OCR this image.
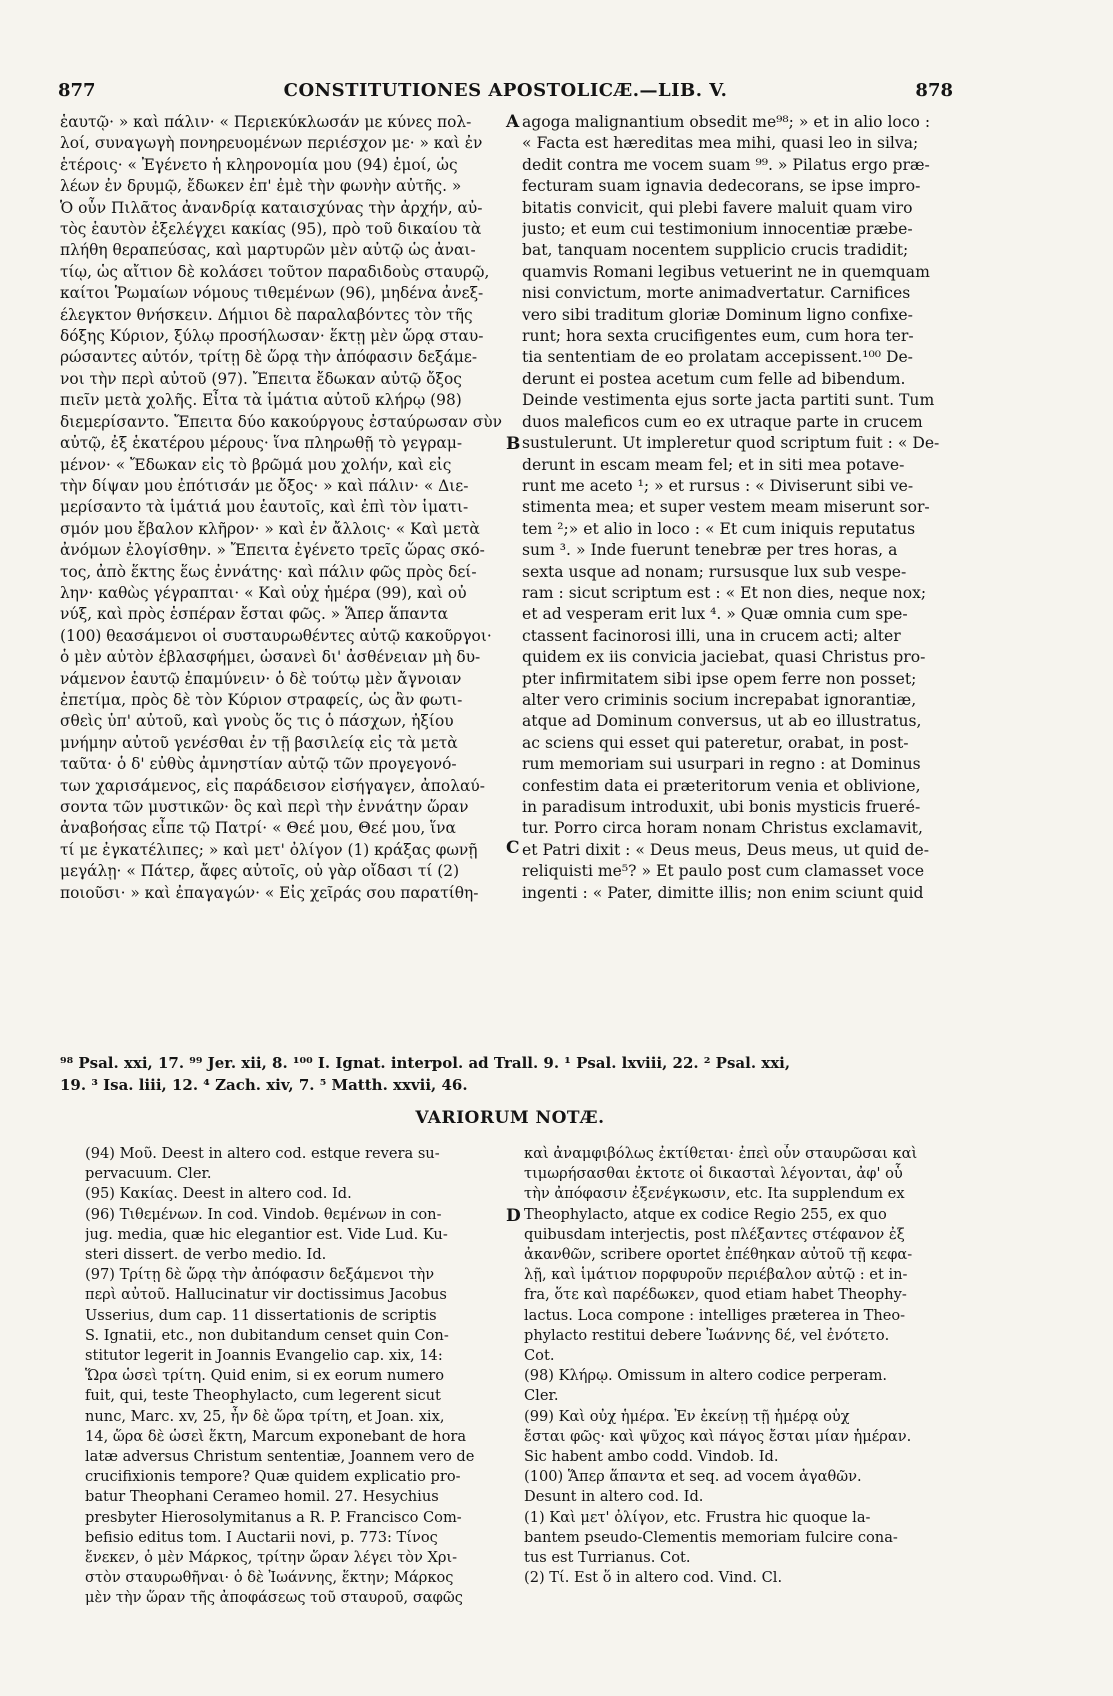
877	CONSTITUTIONES APOSTOLICÆ.—LIB. V.	878

ἑαυτῷ· » καὶ πάλιν· « Περιεκύκλωσάν με κύνες πολ-

λοί, συναγωγὴ πονηρευομένων περιέσχον με· » καὶ ἐν

ἑτέροις· « Ἐγένετο ἡ κληρονομία μου (94) ἐμοί, ὡς

λέων ἐν δρυμῷ, ἔδωκεν ἐπ' ἐμὲ τὴν φωνὴν αὐτῆς. »

Ὁ οὖν Πιλᾶτος ἀνανδρίᾳ καταισχύνας τὴν ἀρχήν, αὐ-

τὸς ἑαυτὸν ἐξελέγχει κακίας (95), πρὸ τοῦ δικαίου τὰ

πλήθη θεραπεύσας, καὶ μαρτυρῶν μὲν αὐτῷ ὡς ἀναι-

τίῳ, ὡς αἴτιον δὲ κολάσει τοῦτον παραδιδοὺς σταυρῷ,

καίτοι Ῥωμαίων νόμους τιθεμένων (96), μηδένα ἀνεξ-

έλεγκτον θνήσκειν. Δήμιοι δὲ παραλαβόντες τὸν τῆς

δόξης Κύριον, ξύλῳ προσήλωσαν· ἕκτῃ μὲν ὥρᾳ σταυ-

ρώσαντες αὐτόν, τρίτῃ δὲ ὥρᾳ τὴν ἀπόφασιν δεξάμε-

νοι τὴν περὶ αὐτοῦ (97). Ἔπειτα ἔδωκαν αὐτῷ ὄξος

πιεῖν μετὰ χολῆς. Εἶτα τὰ ἱμάτια αὐτοῦ κλήρῳ (98)

διεμερίσαντο. Ἔπειτα δύο κακούργους ἐσταύρωσαν σὺν

αὐτῷ, ἐξ ἑκατέρου μέρους· ἵνα πληρωθῇ τὸ γεγραμ-

μένον· « Ἔδωκαν εἰς τὸ βρῶμά μου χολήν, καὶ εἰς

τὴν δίψαν μου ἐπότισάν με ὄξος· » καὶ πάλιν· « Διε-

μερίσαντο τὰ ἱμάτιά μου ἑαυτοῖς, καὶ ἐπὶ τὸν ἱματι-

σμόν μου ἔβαλον κλῆρον· » καὶ ἐν ἄλλοις· « Καὶ μετὰ

ἀνόμων ἐλογίσθην. » Ἔπειτα ἐγένετο τρεῖς ὥρας σκό-

τος, ἀπὸ ἕκτης ἕως ἐννάτης· καὶ πάλιν φῶς πρὸς δεί-

λην· καθὼς γέγραπται· « Καὶ οὐχ ἡμέρα (99), καὶ οὐ

νύξ, καὶ πρὸς ἑσπέραν ἔσται φῶς. » Ἅπερ ἅπαντα

(100) θεασάμενοι οἱ συσταυρωθέντες αὐτῷ κακοῦργοι·

ὁ μὲν αὐτὸν ἐβλασφήμει, ὡσανεὶ δι' ἀσθένειαν μὴ δυ-

νάμενον ἑαυτῷ ἐπαμύνειν· ὁ δὲ τούτῳ μὲν ἄγνοιαν

ἐπετίμα, πρὸς δὲ τὸν Κύριον στραφείς, ὡς ἂν φωτι-

σθεὶς ὑπ' αὐτοῦ, καὶ γνοὺς ὅς τις ὁ πάσχων, ἠξίου

μνήμην αὐτοῦ γενέσθαι ἐν τῇ βασιλείᾳ εἰς τὰ μετὰ

ταῦτα· ὁ δ' εὐθὺς ἀμνηστίαν αὐτῷ τῶν προγεγονό-

των χαρισάμενος, εἰς παράδεισον εἰσήγαγεν, ἀπολαύ-

σοντα τῶν μυστικῶν· ὃς καὶ περὶ τὴν ἐννάτην ὥραν

ἀναβοήσας εἶπε τῷ Πατρί· « Θεέ μου, Θεέ μου, ἵνα

τί με ἐγκατέλιπες; » καὶ μετ' ὀλίγον (1) κράξας φωνῇ

μεγάλῃ· « Πάτερ, ἄφες αὐτοῖς, οὐ γὰρ οἴδασι τί (2)

ποιοῦσι· » καὶ ἐπαγαγών· « Εἰς χεῖράς σου παρατίθη-

agoga malignantium obsedit me⁹⁸; » et in alio loco :

« Facta est hæreditas mea mihi, quasi leo in silva;

dedit contra me vocem suam ⁹⁹. » Pilatus ergo præ-

fecturam suam ignavia dedecorans, se ipse impro-

bitatis convicit, qui plebi favere maluit quam viro

justo; et eum cui testimonium innocentiæ præbe-

bat, tanquam nocentem supplicio crucis tradidit;

quamvis Romani legibus vetuerint ne in quemquam

nisi convictum, morte animadvertatur. Carnifices

vero sibi traditum gloriæ Dominum ligno confixe-

runt; hora sexta crucifigentes eum, cum hora ter-

tia sententiam de eo prolatam accepissent.¹⁰⁰ De-

derunt ei postea acetum cum felle ad bibendum.

Deinde vestimenta ejus sorte jacta partiti sunt. Tum

duos maleficos cum eo ex utraque parte in crucem

sustulerunt. Ut impleretur quod scriptum fuit : « De-

derunt in escam meam fel; et in siti mea potave-

runt me aceto ¹; » et rursus : « Diviserunt sibi ve-

stimenta mea; et super vestem meam miserunt sor-

tem ²;» et alio in loco : « Et cum iniquis reputatus

sum ³. » Inde fuerunt tenebræ per tres horas, a

sexta usque ad nonam; rursusque lux sub vespe-

ram : sicut scriptum est : « Et non dies, neque nox;

et ad vesperam erit lux ⁴. » Quæ omnia cum spe-

ctassent facinorosi illi, una in crucem acti; alter

quidem ex iis convicia jaciebat, quasi Christus pro-

pter infirmitatem sibi ipse opem ferre non posset;

alter vero criminis socium increpabat ignorantiæ,

atque ad Dominum conversus, ut ab eo illustratus,

ac sciens qui esset qui pateretur, orabat, in post-

rum memoriam sui usurpari in regno : at Dominus

confestim data ei præteritorum venia et oblivione,

in paradisum introduxit, ubi bonis mysticis frueré-

tur. Porro circa horam nonam Christus exclamavit,

et Patri dixit : « Deus meus, Deus meus, ut quid de-

reliquisti me⁵? » Et paulo post cum clamasset voce

ingenti : « Pater, dimitte illis; non enim sciunt quid

A
B
C
D

⁹⁸ Psal. xxi, 17. ⁹⁹ Jer. xii, 8. ¹⁰⁰ I. Ignat. interpol. ad Trall. 9. ¹ Psal. lxviii, 22. ² Psal. xxi,

19. ³ Isa. liii, 12. ⁴ Zach. xiv, 7. ⁵ Matth. xxvii, 46.

VARIORUM NOTÆ.

(94) Μοῦ. Deest in altero cod. estque revera su-

pervacuum. Cler.

(95) Κακίας. Deest in altero cod. Id.

(96) Τιθεμένων. In cod. Vindob. θεμένων in con-

jug. media, quæ hic elegantior est. Vide Lud. Ku-

steri dissert. de verbo medio. Id.

(97) Τρίτῃ δὲ ὥρᾳ τὴν ἀπόφασιν δεξάμενοι τὴν

περὶ αὐτοῦ. Hallucinatur vir doctissimus Jacobus

Usserius, dum cap. 11 dissertationis de scriptis

S. Ignatii, etc., non dubitandum censet quin Con-

stitutor legerit in Joannis Evangelio cap. xix, 14:

Ὥρα ὡσεὶ τρίτη. Quid enim, si ex eorum numero

fuit, qui, teste Theophylacto, cum legerent sicut

nunc, Marc. xv, 25, ἦν δὲ ὥρα τρίτη, et Joan. xix,

14, ὥρα δὲ ὡσεὶ ἕκτη, Marcum exponebant de hora

latæ adversus Christum sententiæ, Joannem vero de

crucifixionis tempore? Quæ quidem explicatio pro-

batur Theophani Cerameo homil. 27. Hesychius

presbyter Hierosolymitanus a R. P. Francisco Com-

befisio editus tom. I Auctarii novi, p. 773: Τίνος

ἕνεκεν, ὁ μὲν Μάρκος, τρίτην ὥραν λέγει τὸν Χρι-

στὸν σταυρωθῆναι· ὁ δὲ Ἰωάννης, ἕκτην; Μάρκος

μὲν τὴν ὥραν τῆς ἀποφάσεως τοῦ σταυροῦ, σαφῶς

καὶ ἀναμφιβόλως ἐκτίθεται· ἐπεὶ οὖν σταυρῶσαι καὶ

τιμωρήσασθαι ἐκτοτε οἱ δικασταὶ λέγονται, ἀφ' οὗ

τὴν ἀπόφασιν ἐξενέγκωσιν, etc. Ita supplendum ex

Theophylacto, atque ex codice Regio 255, ex quo

quibusdam interjectis, post πλέξαντες στέφανον ἐξ

ἀκανθῶν, scribere oportet ἐπέθηκαν αὐτοῦ τῇ κεφα-

λῇ, καὶ ἱμάτιον πορφυροῦν περιέβαλον αὐτῷ : et in-

fra, ὅτε καὶ παρέδωκεν, quod etiam habet Theophy-

lactus. Loca compone : intelliges præterea in Theo-

phylacto restitui debere Ἰωάννης δέ, vel ἐνότετο.

Cot.

(98) Κλήρῳ. Omissum in altero codice perperam.

Cler.

(99) Καὶ οὐχ ἡμέρα. Ἐν ἐκείνῃ τῇ ἡμέρᾳ οὐχ

ἔσται φῶς· καὶ ψῦχος καὶ πάγος ἔσται μίαν ἡμέραν.

Sic habent ambo codd. Vindob. Id.

(100) Ἅπερ ἅπαντα et seq. ad vocem ἀγαθῶν.

Desunt in altero cod. Id.

(1) Καὶ μετ' ὀλίγον, etc. Frustra hic quoque la-

bantem pseudo-Clementis memoriam fulcire cona-

tus est Turrianus. Cot.

(2) Τί. Est ὅ in altero cod. Vind. Cl.
